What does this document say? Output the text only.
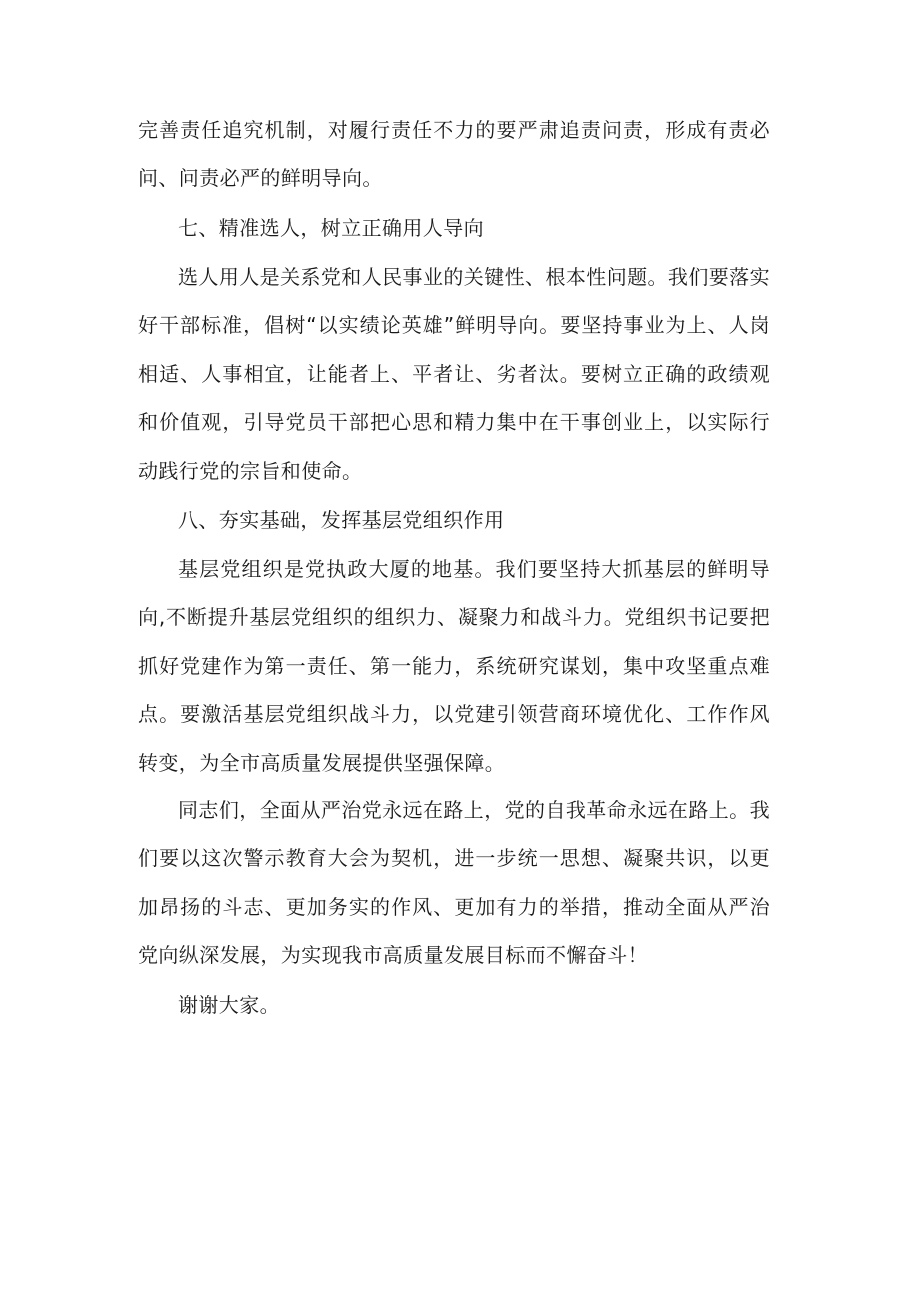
完善责任追究机制，对履行责任不力的要严肃追责问责，形成有责必问、问责必严的鲜明导向。

七、精准选人，树立正确用人导向

选人用人是关系党和人民事业的关键性、根本性问题。我们要落实好干部标准，倡树“以实绩论英雄”鲜明导向。要坚持事业为上、人岗相适、人事相宜，让能者上、平者让、劣者汰。要树立正确的政绩观和价值观，引导党员干部把心思和精力集中在干事创业上，以实际行动践行党的宗旨和使命。

八、夯实基础，发挥基层党组织作用

基层党组织是党执政大厦的地基。我们要坚持大抓基层的鲜明导向,不断提升基层党组织的组织力、凝聚力和战斗力。党组织书记要把抓好党建作为第一责任、第一能力，系统研究谋划，集中攻坚重点难点。要激活基层党组织战斗力，以党建引领营商环境优化、工作作风转变，为全市高质量发展提供坚强保障。

同志们，全面从严治党永远在路上，党的自我革命永远在路上。我们要以这次警示教育大会为契机，进一步统一思想、凝聚共识，以更加昂扬的斗志、更加务实的作风、更加有力的举措，推动全面从严治党向纵深发展，为实现我市高质量发展目标而不懈奋斗！

谢谢大家。
